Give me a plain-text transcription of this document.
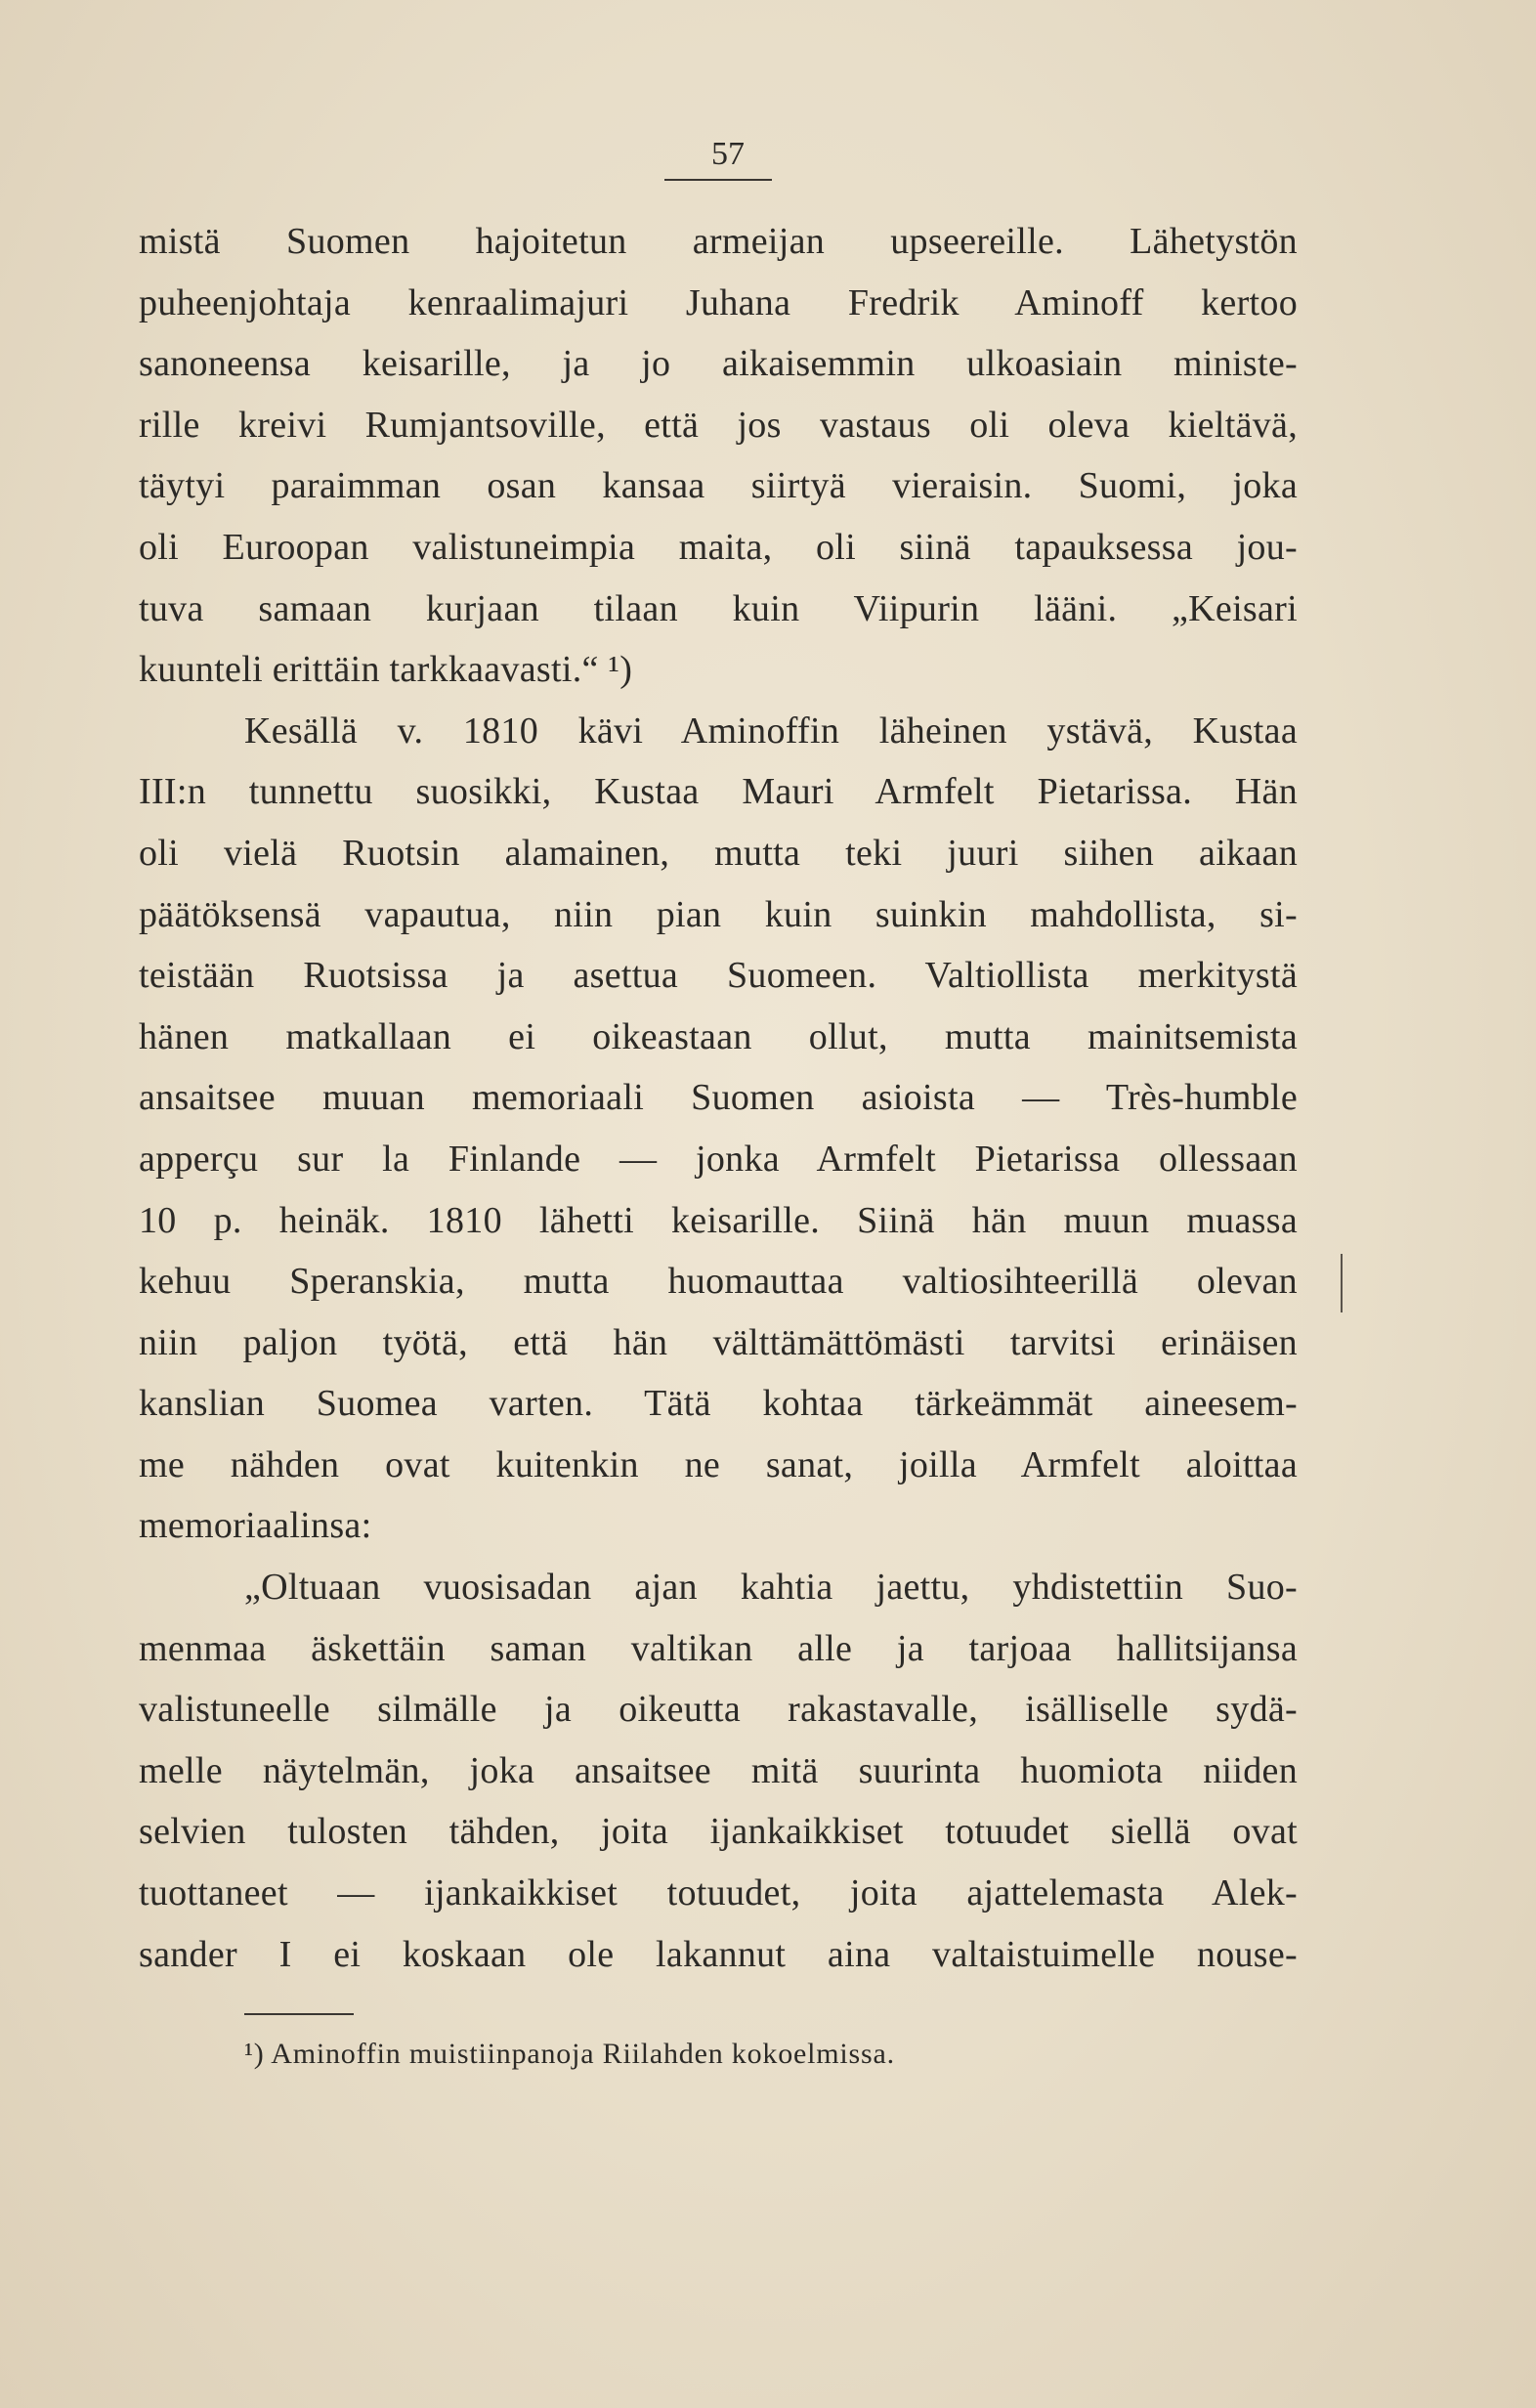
57
mistä Suomen hajoitetun armeijan upseereille. Lähetystön
puheenjohtaja kenraalimajuri Juhana Fredrik Aminoff kertoo
sanoneensa keisarille, ja jo aikaisemmin ulkoasiain ministe-
rille kreivi Rumjantsoville, että jos vastaus oli oleva kieltävä,
täytyi paraimman osan kansaa siirtyä vieraisin. Suomi, joka
oli Euroopan valistuneimpia maita, oli siinä tapauksessa jou-
tuva samaan kurjaan tilaan kuin Viipurin lääni. „Keisari
kuunteli erittäin tarkkaavasti.“ ¹)
Kesällä v. 1810 kävi Aminoffin läheinen ystävä, Kustaa
III:n tunnettu suosikki, Kustaa Mauri Armfelt Pietarissa. Hän
oli vielä Ruotsin alamainen, mutta teki juuri siihen aikaan
päätöksensä vapautua, niin pian kuin suinkin mahdollista, si-
teistään Ruotsissa ja asettua Suomeen. Valtiollista merkitystä
hänen matkallaan ei oikeastaan ollut, mutta mainitsemista
ansaitsee muuan memoriaali Suomen asioista — Très-humble
apperçu sur la Finlande — jonka Armfelt Pietarissa ollessaan
10 p. heinäk. 1810 lähetti keisarille. Siinä hän muun muassa
kehuu Speranskia, mutta huomauttaa valtiosihteerillä olevan
niin paljon työtä, että hän välttämättömästi tarvitsi erinäisen
kanslian Suomea varten. Tätä kohtaa tärkeämmät aineesem-
me nähden ovat kuitenkin ne sanat, joilla Armfelt aloittaa
memoriaalinsa:
„Oltuaan vuosisadan ajan kahtia jaettu, yhdistettiin Suo-
menmaa äskettäin saman valtikan alle ja tarjoaa hallitsijansa
valistuneelle silmälle ja oikeutta rakastavalle, isälliselle sydä-
melle näytelmän, joka ansaitsee mitä suurinta huomiota niiden
selvien tulosten tähden, joita ijankaikkiset totuudet siellä ovat
tuottaneet — ijankaikkiset totuudet, joita ajattelemasta Alek-
sander I ei koskaan ole lakannut aina valtaistuimelle nouse-
¹) Aminoffin muistiinpanoja Riilahden kokoelmissa.
